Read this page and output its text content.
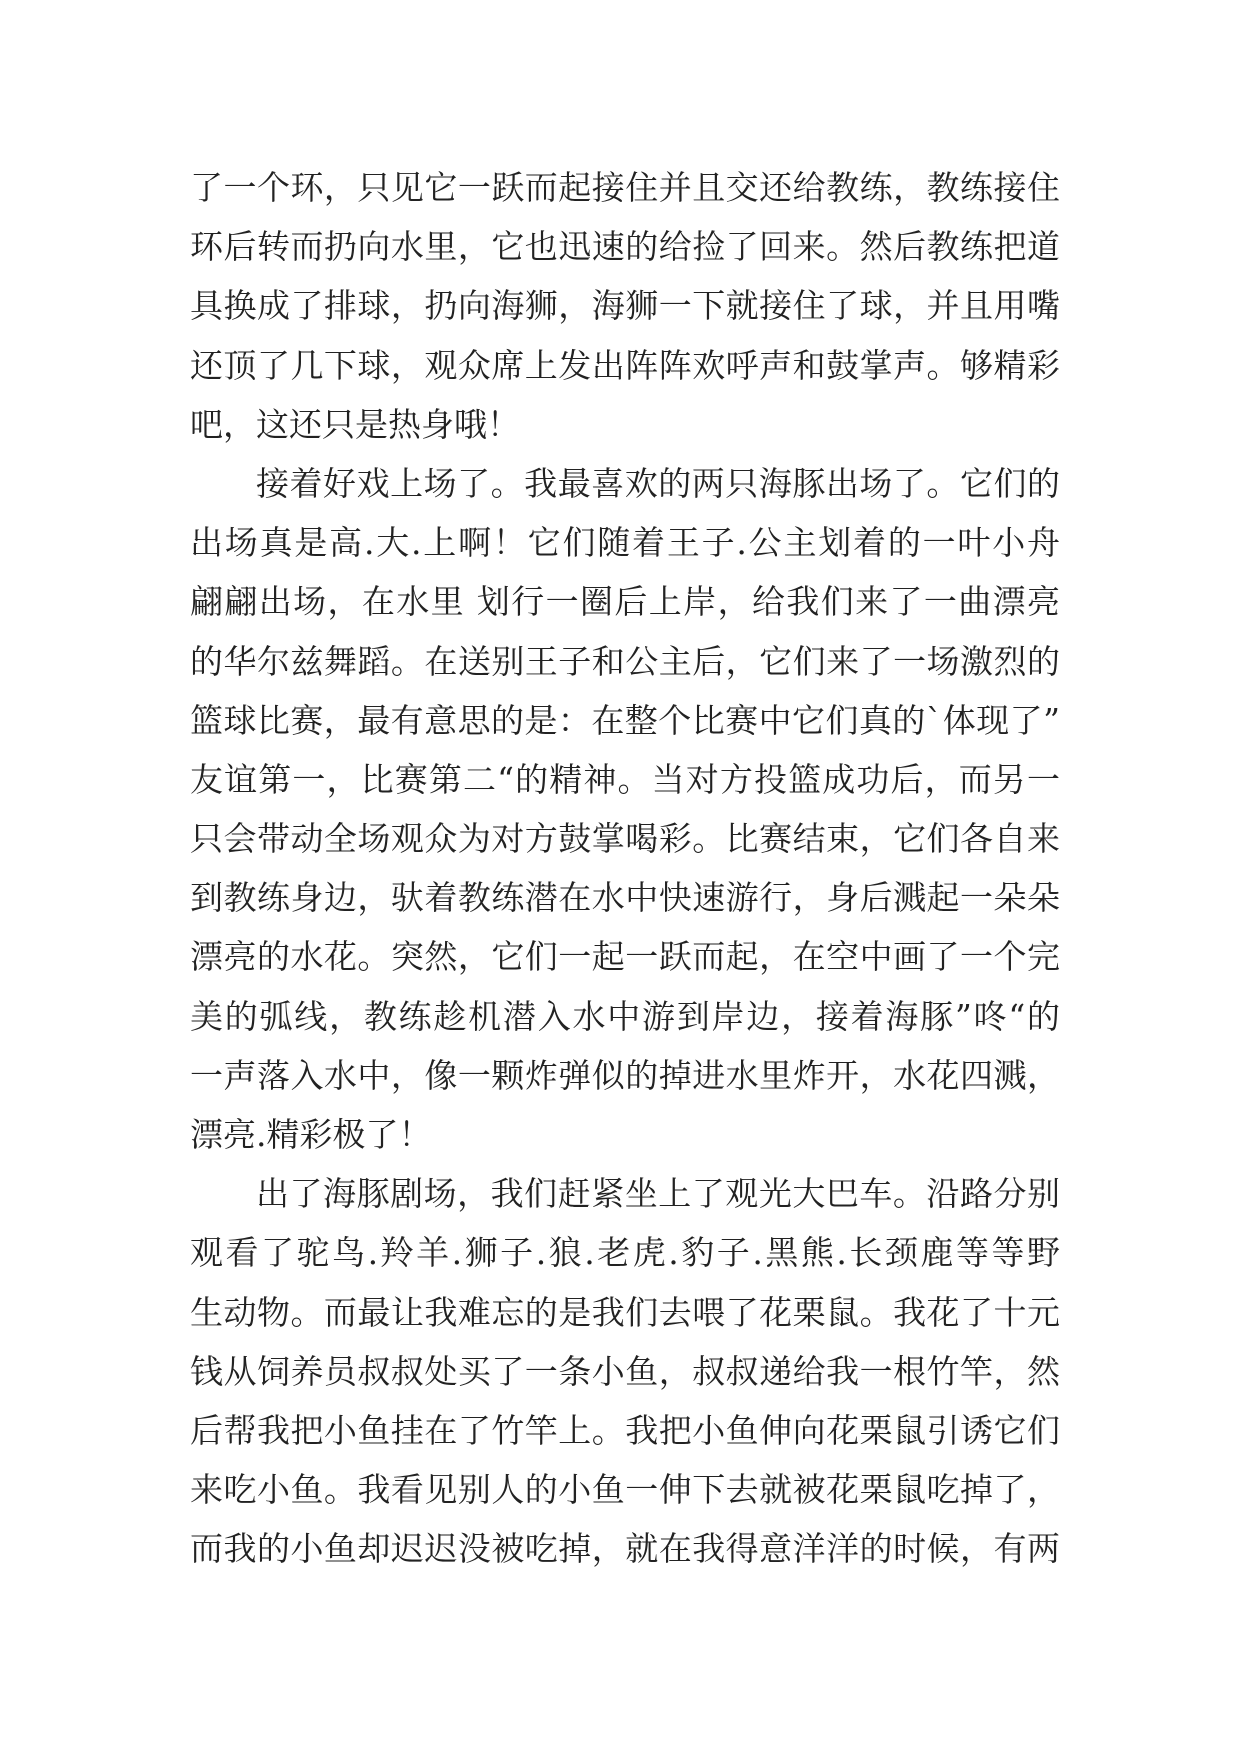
了一个环，只见它一跃而起接住并且交还给教练，教练接住
环后转而扔向水里，它也迅速的给捡了回来。然后教练把道
具换成了排球，扔向海狮，海狮一下就接住了球，并且用嘴
还顶了几下球，观众席上发出阵阵欢呼声和鼓掌声。够精彩
吧，这还只是热身哦！
接着好戏上场了。我最喜欢的两只海豚出场了。它们的
出场真是高.大.上啊！它们随着王子.公主划着的一叶小舟
翩翩出场，在水里 划行一圈后上岸，给我们来了一曲漂亮
的华尔兹舞蹈。在送别王子和公主后，它们来了一场激烈的
篮球比赛，最有意思的是：在整个比赛中它们真的`体现了”
友谊第一，比赛第二“的精神。当对方投篮成功后，而另一
只会带动全场观众为对方鼓掌喝彩。比赛结束，它们各自来
到教练身边，驮着教练潜在水中快速游行，身后溅起一朵朵
漂亮的水花。突然，它们一起一跃而起，在空中画了一个完
美的弧线，教练趁机潜入水中游到岸边，接着海豚”咚“的
一声落入水中，像一颗炸弹似的掉进水里炸开，水花四溅，
漂亮.精彩极了！
出了海豚剧场，我们赶紧坐上了观光大巴车。沿路分别
观看了驼鸟.羚羊.狮子.狼.老虎.豹子.黑熊.长颈鹿等等野
生动物。而最让我难忘的是我们去喂了花栗鼠。我花了十元
钱从饲养员叔叔处买了一条小鱼，叔叔递给我一根竹竿，然
后帮我把小鱼挂在了竹竿上。我把小鱼伸向花栗鼠引诱它们
来吃小鱼。我看见别人的小鱼一伸下去就被花栗鼠吃掉了，
而我的小鱼却迟迟没被吃掉，就在我得意洋洋的时候，有两
